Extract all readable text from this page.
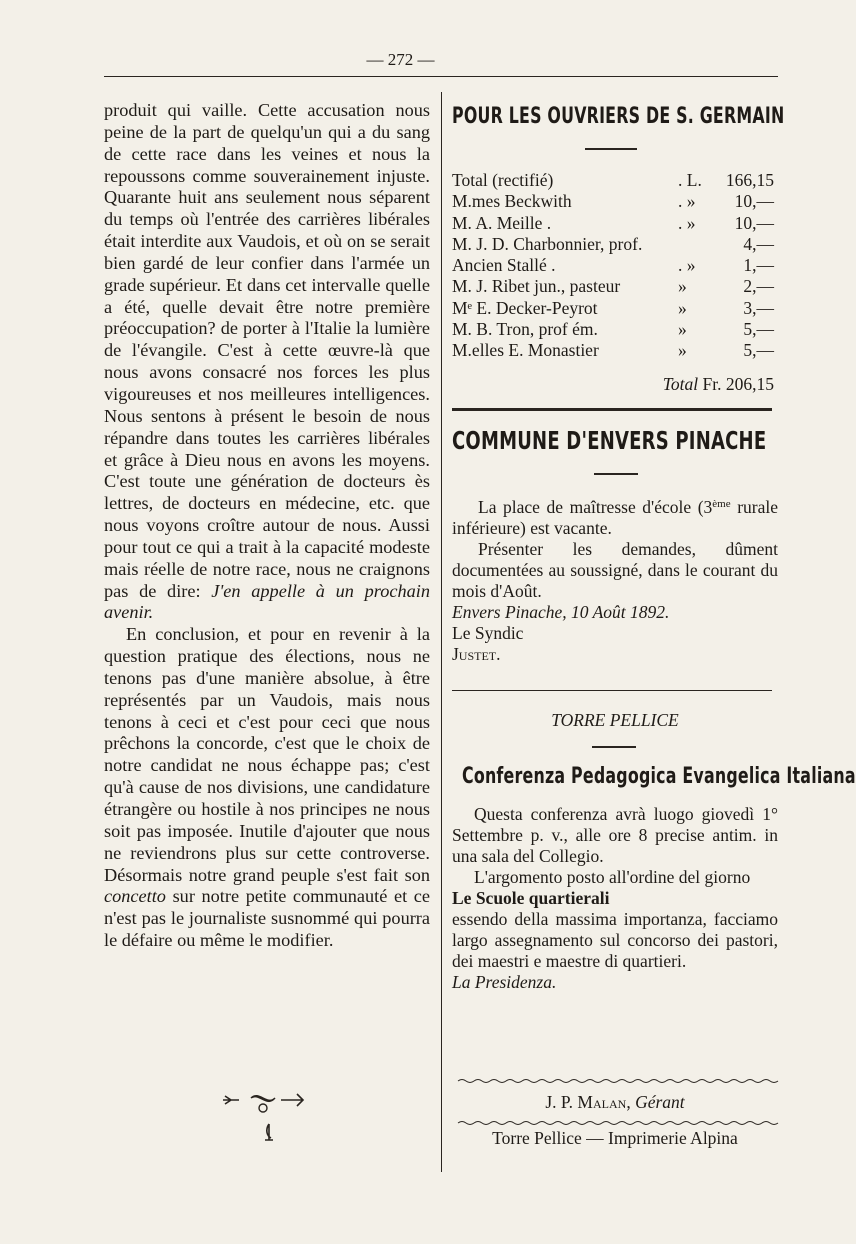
— 272 —

produit qui vaille. Cette accusation nous peine de la part de quelqu'un qui a du sang de cette race dans les veines et nous la repoussons comme souverainement injuste. Quarante huit ans seulement nous séparent du temps où l'entrée des carrières libérales était interdite aux Vaudois, et où on se serait bien gardé de leur confier dans l'armée un grade supérieur. Et dans cet intervalle quelle a été, quelle devait être notre première préoccupation? de porter à l'Italie la lumière de l'évangile. C'est à cette œuvre-là que nous avons consacré nos forces les plus vigoureuses et nos meilleures intelligences. Nous sentons à présent le besoin de nous répandre dans toutes les carrières libérales et grâce à Dieu nous en avons les moyens. C'est toute une génération de docteurs ès lettres, de docteurs en médecine, etc. que nous voyons croître autour de nous. Aussi pour tout ce qui a trait à la capacité modeste mais réelle de notre race, nous ne craignons pas de dire: J'en appelle à un prochain avenir.

En conclusion, et pour en revenir à la question pratique des élections, nous ne tenons pas d'une manière absolue, à être représentés par un Vaudois, mais nous tenons à ceci et c'est pour ceci que nous prêchons la concorde, c'est que le choix de notre candidat ne nous échappe pas; c'est qu'à cause de nos divisions, une candidature étrangère ou hostile à nos principes ne nous soit pas imposée. Inutile d'ajouter que nous ne reviendrons plus sur cette controverse. Désormais notre grand peuple s'est fait son concetto sur notre petite communauté et ce n'est pas le journaliste susnommé qui pourra le défaire ou même le modifier.

POUR LES OUVRIERS DE S. GERMAIN
Total (rectifié)	. L. 166,15
M.mes Beckwith	. » 10,—
M. A. Meille .	. » 10,—
M. J. D. Charbonnier, prof.	4,—
Ancien Stallé .	. »	1,—
M. J. Ribet jun., pasteur	»	2,—
Mᵉ E. Decker-Peyrot	»	3,—
M. B. Tron, prof ém.	»	5,—
M.elles E. Monastier	»	5,—
Total Fr. 206,15
COMMUNE D'ENVERS PINACHE

La place de maîtresse d'école (3ème rurale inférieure) est vacante.

Présenter les demandes, dûment documentées au soussigné, dans le courant du mois d'Août.

Envers Pinache, 10 Août 1892.

Le Syndic

Justet.

TORRE PELLICE
Conferenza Pedagogica Evangelica Italiana

Questa conferenza avrà luogo giovedì 1° Settembre p. v., alle ore 8 precise antim. in una sala del Collegio.

L'argomento posto all'ordine del giorno

Le Scuole quartierali

essendo della massima importanza, facciamo largo assegnamento sul concorso dei pastori, dei maestri e maestre di quartieri.

La Presidenza.

J. P. Malan, Gérant
Torre Pellice — Imprimerie Alpina
